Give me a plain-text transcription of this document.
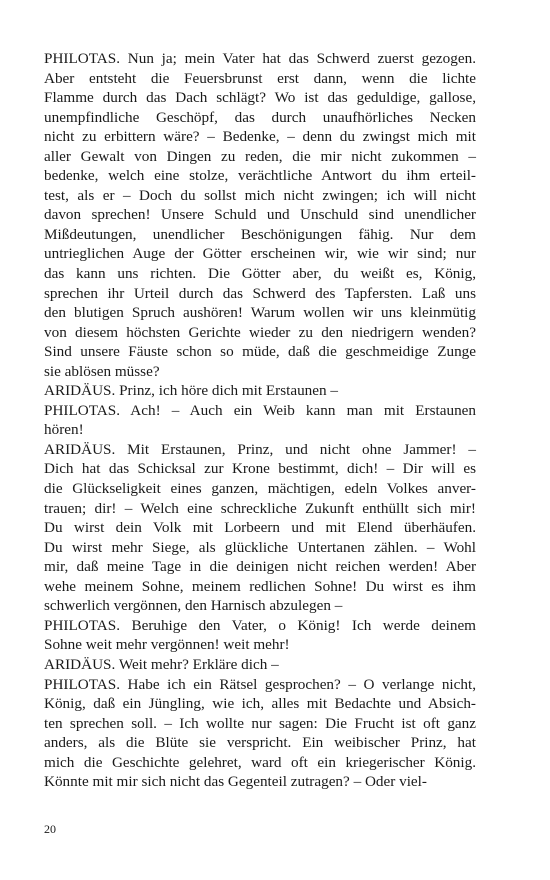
PHILOTAS. Nun ja; mein Vater hat das Schwerd zuerst gezogen.
Aber entsteht die Feuersbrunst erst dann, wenn die lichte
Flamme durch das Dach schlägt? Wo ist das geduldige, gallose,
unempfindliche Geschöpf, das durch unaufhörliches Necken
nicht zu erbittern wäre? – Bedenke, – denn du zwingst mich mit
aller Gewalt von Dingen zu reden, die mir nicht zukommen –
bedenke, welch eine stolze, verächtliche Antwort du ihm erteil-
test, als er – Doch du sollst mich nicht zwingen; ich will nicht
davon sprechen! Unsere Schuld und Unschuld sind unendlicher
Mißdeutungen, unendlicher Beschönigungen fähig. Nur dem
untrieglichen Auge der Götter erscheinen wir, wie wir sind; nur
das kann uns richten. Die Götter aber, du weißt es, König,
sprechen ihr Urteil durch das Schwerd des Tapfersten. Laß uns
den blutigen Spruch aushören! Warum wollen wir uns kleinmütig
von diesem höchsten Gerichte wieder zu den niedrigern wenden?
Sind unsere Fäuste schon so müde, daß die geschmeidige Zunge
sie ablösen müsse?
ARIDÄUS. Prinz, ich höre dich mit Erstaunen –
PHILOTAS. Ach! – Auch ein Weib kann man mit Erstaunen
hören!
ARIDÄUS. Mit Erstaunen, Prinz, und nicht ohne Jammer! –
Dich hat das Schicksal zur Krone bestimmt, dich! – Dir will es
die Glückseligkeit eines ganzen, mächtigen, edeln Volkes anver-
trauen; dir! – Welch eine schreckliche Zukunft enthüllt sich mir!
Du wirst dein Volk mit Lorbeern und mit Elend überhäufen.
Du wirst mehr Siege, als glückliche Untertanen zählen. – Wohl
mir, daß meine Tage in die deinigen nicht reichen werden! Aber
wehe meinem Sohne, meinem redlichen Sohne! Du wirst es ihm
schwerlich vergönnen, den Harnisch abzulegen –
PHILOTAS. Beruhige den Vater, o König! Ich werde deinem
Sohne weit mehr vergönnen! weit mehr!
ARIDÄUS. Weit mehr? Erkläre dich –
PHILOTAS. Habe ich ein Rätsel gesprochen? – O verlange nicht,
König, daß ein Jüngling, wie ich, alles mit Bedachte und Absich-
ten sprechen soll. – Ich wollte nur sagen: Die Frucht ist oft ganz
anders, als die Blüte sie verspricht. Ein weibischer Prinz, hat
mich die Geschichte gelehret, ward oft ein kriegerischer König.
Könnte mit mir sich nicht das Gegenteil zutragen? – Oder viel-
20
